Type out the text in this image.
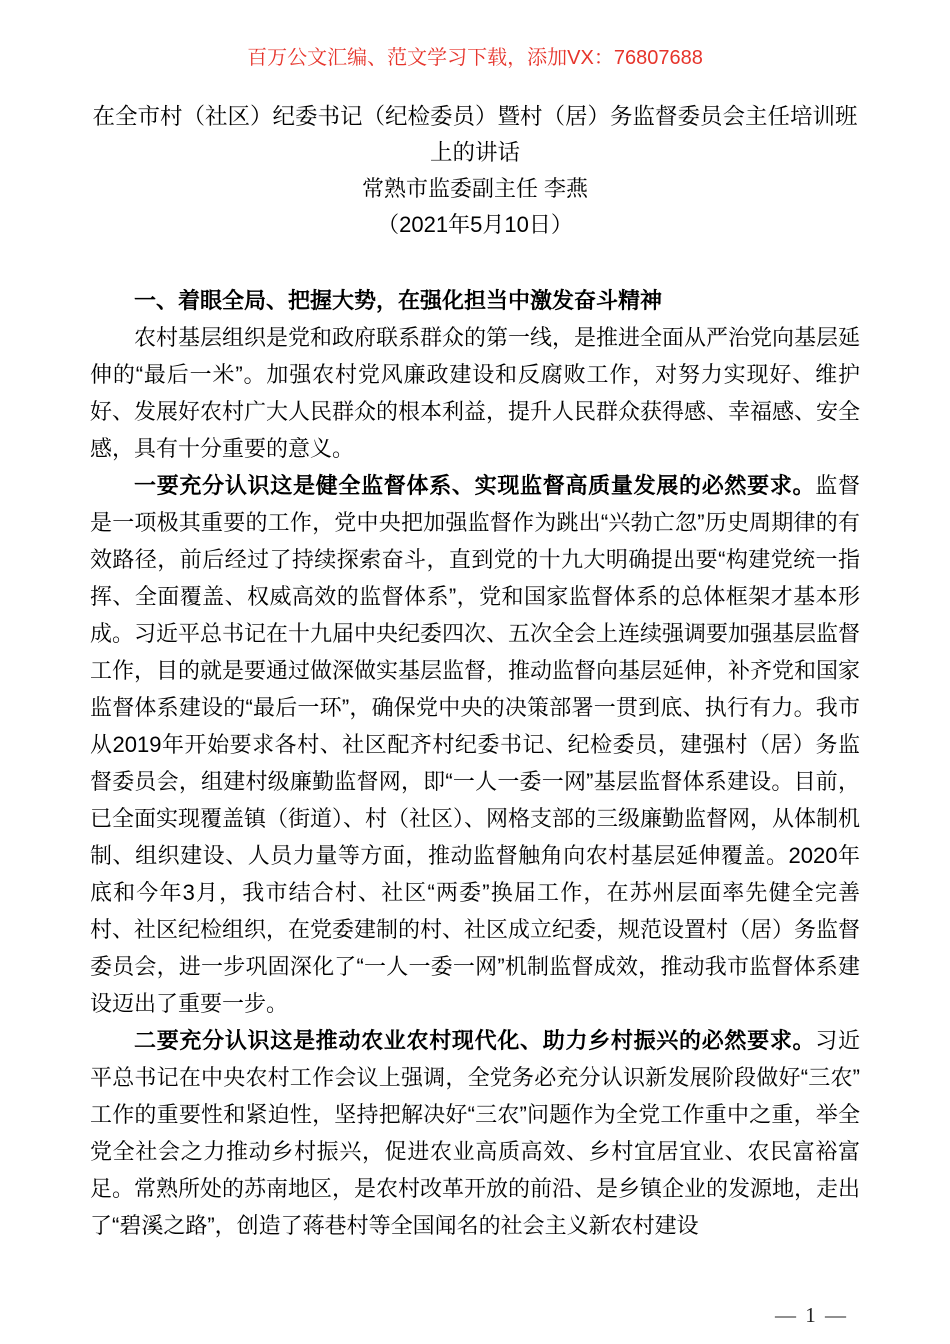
百万公文汇编、范文学习下载，添加VX：76807688
在全市村（社区）纪委书记（纪检委员）暨村（居）务监督委员会主任培训班上的讲话
常熟市监委副主任 李燕
（2021年5月10日）

一、着眼全局、把握大势，在强化担当中激发奋斗精神

农村基层组织是党和政府联系群众的第一线，是推进全面从严治党向基层延伸的“最后一米”。加强农村党风廉政建设和反腐败工作，对努力实现好、维护好、发展好农村广大人民群众的根本利益，提升人民群众获得感、幸福感、安全感，具有十分重要的意义。

一要充分认识这是健全监督体系、实现监督高质量发展的必然要求。监督是一项极其重要的工作，党中央把加强监督作为跳出“兴勃亡忽”历史周期律的有效路径，前后经过了持续探索奋斗，直到党的十九大明确提出要“构建党统一指挥、全面覆盖、权威高效的监督体系”，党和国家监督体系的总体框架才基本形成。习近平总书记在十九届中央纪委四次、五次全会上连续强调要加强基层监督工作，目的就是要通过做深做实基层监督，推动监督向基层延伸，补齐党和国家监督体系建设的“最后一环”，确保党中央的决策部署一贯到底、执行有力。我市从2019年开始要求各村、社区配齐村纪委书记、纪检委员，建强村（居）务监督委员会，组建村级廉勤监督网，即“一人一委一网”基层监督体系建设。目前，已全面实现覆盖镇（街道）、村（社区）、网格支部的三级廉勤监督网，从体制机制、组织建设、人员力量等方面，推动监督触角向农村基层延伸覆盖。2020年底和今年3月，我市结合村、社区“两委”换届工作，在苏州层面率先健全完善村、社区纪检组织，在党委建制的村、社区成立纪委，规范设置村（居）务监督委员会，进一步巩固深化了“一人一委一网”机制监督成效，推动我市监督体系建设迈出了重要一步。

二要充分认识这是推动农业农村现代化、助力乡村振兴的必然要求。习近平总书记在中央农村工作会议上强调，全党务必充分认识新发展阶段做好“三农”工作的重要性和紧迫性，坚持把解决好“三农”问题作为全党工作重中之重，举全党全社会之力推动乡村振兴，促进农业高质高效、乡村宜居宜业、农民富裕富足。常熟所处的苏南地区，是农村改革开放的前沿、是乡镇企业的发源地，走出了“碧溪之路”，创造了蒋巷村等全国闻名的社会主义新农村建设

— 1 —
